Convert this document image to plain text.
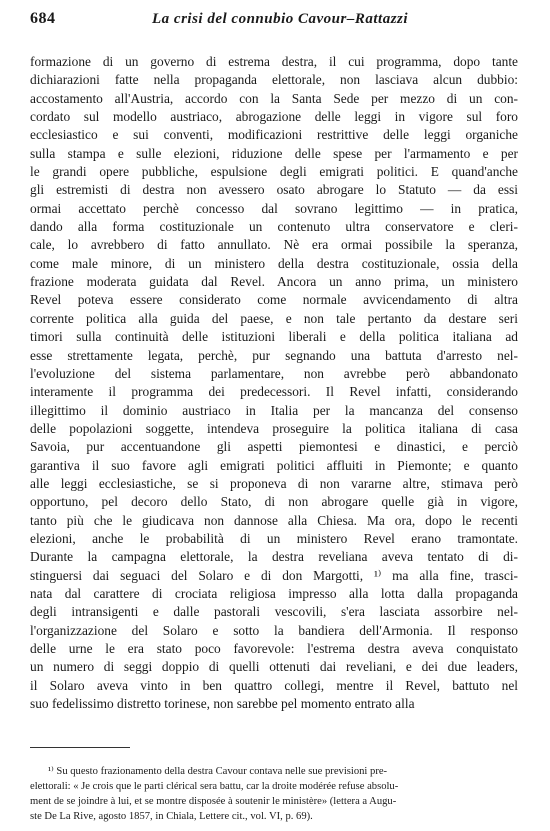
684	La crisi del connubio Cavour–Rattazzi
formazione di un governo di estrema destra, il cui programma, dopo tante
dichiarazioni fatte nella propaganda elettorale, non lasciava alcun dubbio:
accostamento all'Austria, accordo con la Santa Sede per mezzo di un con-
cordato sul modello austriaco, abrogazione delle leggi in vigore sul foro
ecclesiastico e sui conventi, modificazioni restrittive delle leggi organiche
sulla stampa e sulle elezioni, riduzione delle spese per l'armamento e per
le grandi opere pubbliche, espulsione degli emigrati politici. E quand'anche
gli estremisti di destra non avessero osato abrogare lo Statuto — da essi
ormai accettato perchè concesso dal sovrano legittimo — in pratica,
dando alla forma costituzionale un contenuto ultra conservatore e cleri-
cale, lo avrebbero di fatto annullato. Nè era ormai possibile la speranza,
come male minore, di un ministero della destra costituzionale, ossia della
frazione moderata guidata dal Revel. Ancora un anno prima, un ministero
Revel poteva essere considerato come normale avvicendamento di altra
corrente politica alla guida del paese, e non tale pertanto da destare seri
timori sulla continuità delle istituzioni liberali e della politica italiana ad
esse strettamente legata, perchè, pur segnando una battuta d'arresto nel-
l'evoluzione del sistema parlamentare, non avrebbe però abbandonato
interamente il programma dei predecessori. Il Revel infatti, considerando
illegittimo il dominio austriaco in Italia per la mancanza del consenso
delle popolazioni soggette, intendeva proseguire la politica italiana di casa
Savoia, pur accentuandone gli aspetti piemontesi e dinastici, e perciò
garantiva il suo favore agli emigrati politici affluiti in Piemonte; e quanto
alle leggi ecclesiastiche, se si proponeva di non vararne altre, stimava però
opportuno, pel decoro dello Stato, di non abrogare quelle già in vigore,
tanto più che le giudicava non dannose alla Chiesa. Ma ora, dopo le recenti
elezioni, anche le probabilità di un ministero Revel erano tramontate.
Durante la campagna elettorale, la destra reveliana aveva tentato di di-
stinguersi dai seguaci del Solaro e di don Margotti, ¹⁾ ma alla fine, trasci-
nata dal carattere di crociata religiosa impresso alla lotta dalla propaganda
degli intransigenti e dalle pastorali vescovili, s'era lasciata assorbire nel-
l'organizzazione del Solaro e sotto la bandiera dell'Armonia. Il responso
delle urne le era stato poco favorevole: l'estrema destra aveva conquistato
un numero di seggi doppio di quelli ottenuti dai reveliani, e dei due leaders,
il Solaro aveva vinto in ben quattro collegi, mentre il Revel, battuto nel
suo fedelissimo distretto torinese, non sarebbe pel momento entrato alla
¹⁾ Su questo frazionamento della destra Cavour contava nelle sue previsioni pre-
elettorali: « Je crois que le parti clérical sera battu, car la droite modérée refuse absolu-
ment de se joindre à lui, et se montre disposée à soutenir le ministère» (lettera a Augu-
ste De La Rive, agosto 1857, in Chiala, Lettere cit., vol. VI, p. 69).
